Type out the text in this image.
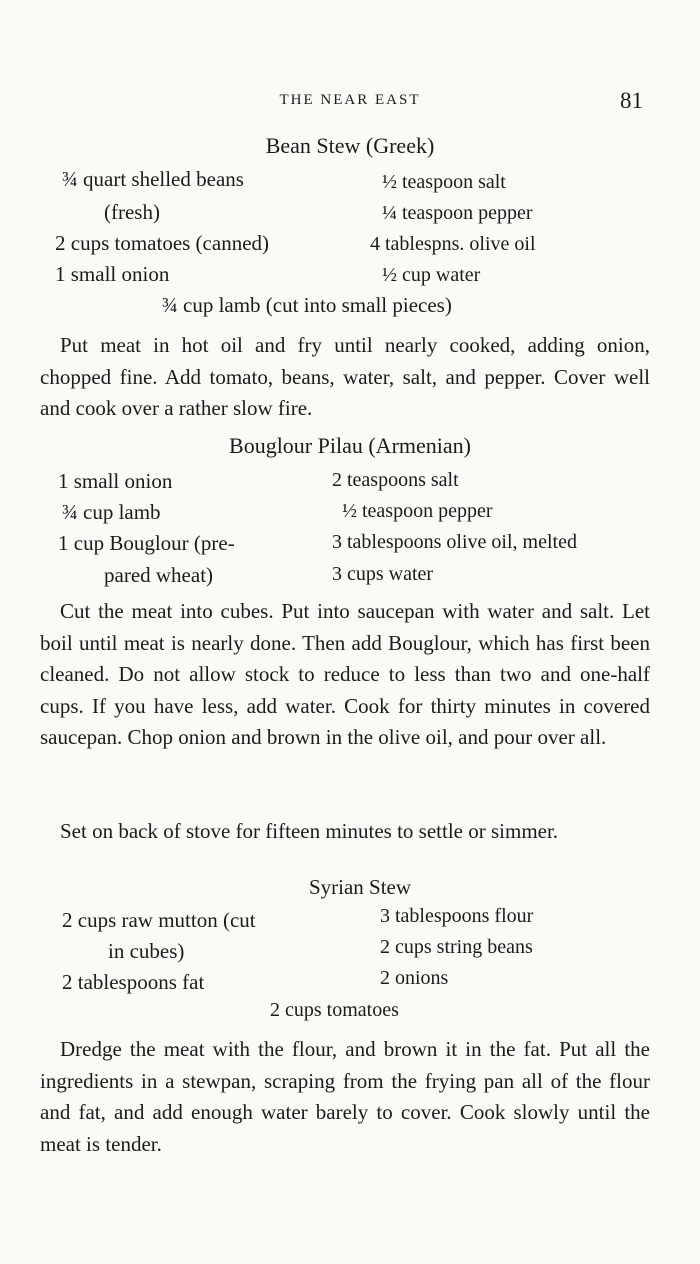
THE NEAR EAST	81
Bean Stew (Greek)
¾ quart shelled beans
(fresh)
2 cups tomatoes (canned)
1 small onion
½ teaspoon salt
¼ teaspoon pepper
4 tablespns. olive oil
½ cup water
¾ cup lamb (cut into small pieces)

Put meat in hot oil and fry until nearly cooked, adding onion, chopped fine. Add tomato, beans, water, salt, and pepper. Cover well and cook over a rather slow fire.

Bouglour Pilau (Armenian)
1 small onion
¾ cup lamb
1 cup Bouglour (pre-
pared wheat)
2 teaspoons salt
½ teaspoon pepper
3 tablespoons olive oil, melted
3 cups water

Cut the meat into cubes. Put into saucepan with water and salt. Let boil until meat is nearly done. Then add Bouglour, which has first been cleaned. Do not allow stock to reduce to less than two and one-half cups. If you have less, add water. Cook for thirty minutes in covered saucepan. Chop onion and brown in the olive oil, and pour over all.

Set on back of stove for fifteen minutes to settle or simmer.

Syrian Stew
2 cups raw mutton (cut
in cubes)
2 tablespoons fat
3 tablespoons flour
2 cups string beans
2 onions
2 cups tomatoes

Dredge the meat with the flour, and brown it in the fat. Put all the ingredients in a stewpan, scraping from the frying pan all of the flour and fat, and add enough water barely to cover. Cook slowly until the meat is tender.
